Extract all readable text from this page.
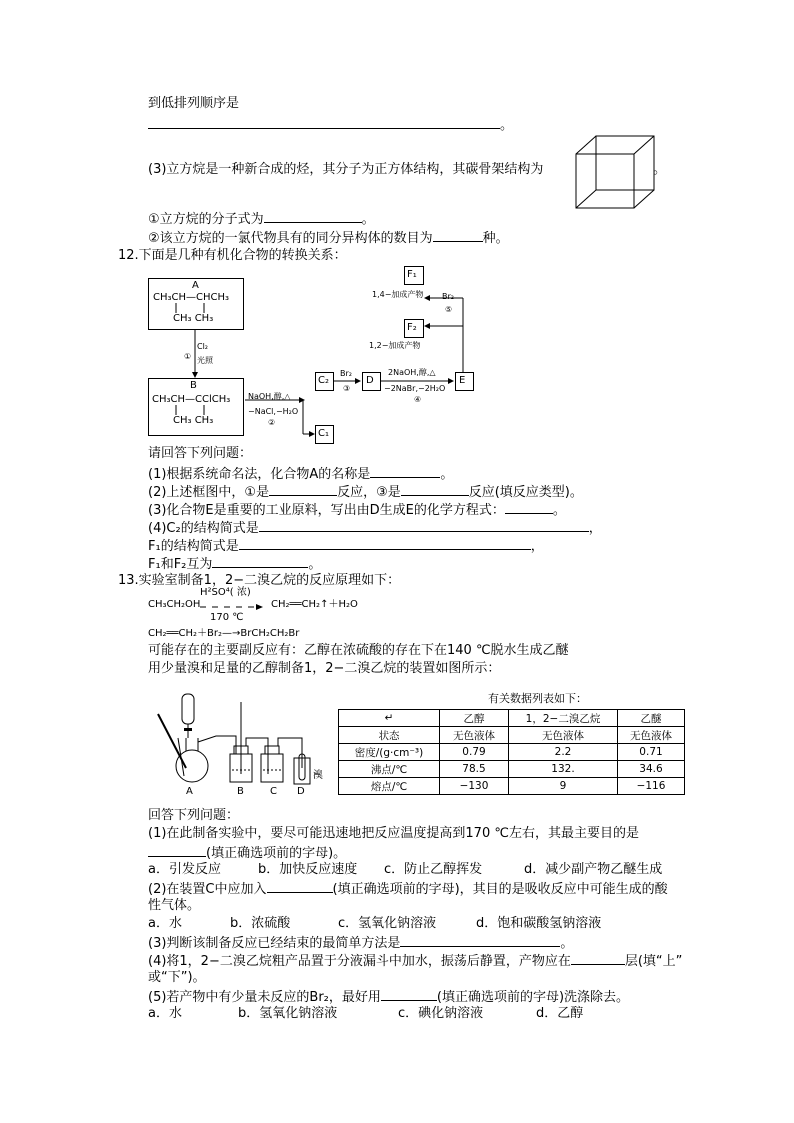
到低排列顺序是
。
(3)立方烷是一种新合成的烃，其分子为正方体结构，其碳骨架结构为	。
①立方烷的分子式为	。
②该立方烷的一氯代物具有的同分异构体的数目为	种。
12.下面是几种有机化合物的转换关系：
A
CH₃CH—CHCH₃
CH₃ CH₃
Cl₂
① 光照
B
CH₃CH—CClCH₃
CH₃ CH₃
NaOH,醇,△
−NaCl,−H₂O
②
C₂
C₁
Br₂
③
D
2NaOH,醇,△
−2NaBr,−2H₂O
④
E
F₁
1,4−加成产物 Br₂
⑤
F₂
1,2−加成产物
请回答下列问题：
(1)根据系统命名法，化合物A的名称是	。
(2)上述框图中，①是	反应，③是	反应(填反应类型)。
(3)化合物E是重要的工业原料，写出由D生成E的化学方程式：	。
(4)C₂的结构简式是	，
F₁的结构简式是	，
F₁和F₂互为	。
13.实验室制备1，2−二溴乙烷的反应原理如下：
CH₃CH₂OH
H²SO⁴( 浓)
170 ℃
CH₂══CH₂↑＋H₂O
CH₂══CH₂＋Br₂—→BrCH₂CH₂Br
可能存在的主要副反应有：乙醇在浓硫酸的存在下在140 ℃脱水生成乙醚
用少量溴和足量的乙醇制备1，2−二溴乙烷的装置如图所示：
A	B	C D
溴
有关数据列表如下：
↵	乙醇	1，2−二溴乙烷	乙醚
状态	无色液体	无色液体	无色液体
密度/(g·cm⁻³)	0.79	2.2	0.71
沸点/℃	78.5	132.	34.6
熔点/℃	−130	9	−116
回答下列问题：
(1)在此制备实验中，要尽可能迅速地把反应温度提高到170 ℃左右，其最主要目的是
(填正确选项前的字母)。
a．引发反应	b．加快反应速度 c．防止乙醇挥发	d．减少副产物乙醚生成
(2)在装置C中应加入	(填正确选项前的字母)，其目的是吸收反应中可能生成的酸
性气体。
a．水	b．浓硫酸	c．氢氧化钠溶液	d．饱和碳酸氢钠溶液
(3)判断该制备反应已经结束的最简单方法是	。
(4)将1，2−二溴乙烷粗产品置于分液漏斗中加水，振荡后静置，产物应在	层(填“上”
或“下”)。
(5)若产物中有少量未反应的Br₂，最好用	(填正确选项前的字母)洗涤除去。
a．水	b．氢氧化钠溶液	c．碘化钠溶液	d．乙醇
